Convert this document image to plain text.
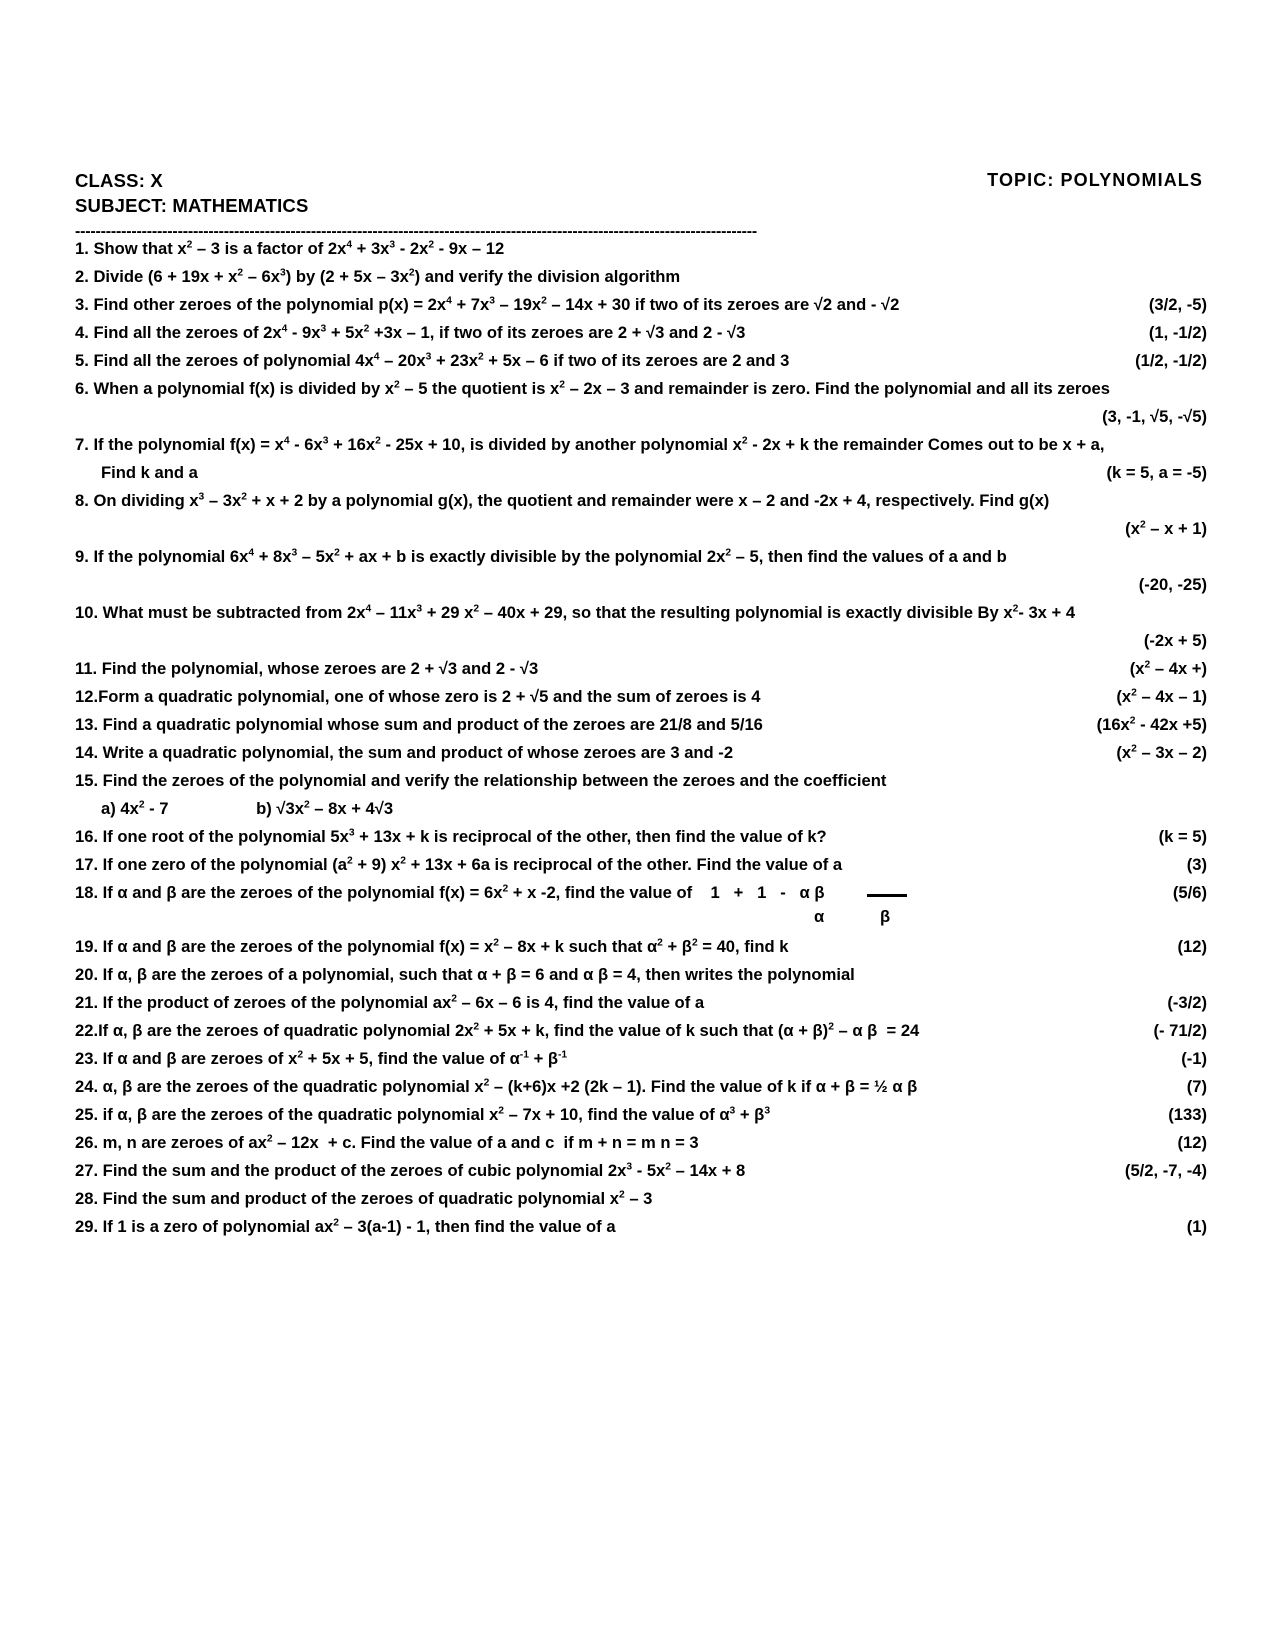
CLASS: X	TOPIC: POLYNOMIALS
SUBJECT: MATHEMATICS
-------------------------------------------------------------------------------------------------------------------------------------
1. Show that $x^2 - 3$ is a factor of $2x^4 + 3x^3 - 2x^2 - 9x - 12$
2. Divide $(6 + 19x + x^2 - 6x^3)$ by $(2 + 5x - 3x^2)$ and verify the division algorithm
3. Find other zeroes of the polynomial $p(x) = 2x^4 + 7x^3 - 19x^2 - 14x + 30$ if two of its zeroes are √2 and - √2	(3/2, -5)
4. Find all the zeroes of $2x^4 - 9x^3 + 5x^2 +3x - 1$, if two of its zeroes are 2 + √3 and 2 - √3	(1, -1/2)
5. Find all the zeroes of polynomial $4x^4 - 20x^3 + 23x^2 + 5x - 6$ if two of its zeroes are 2 and 3	(1/2, -1/2)
6. When a polynomial f(x) is divided by $x^2 - 5$ the quotient is $x^2 - 2x - 3$ and remainder is zero. Find the polynomial and all its zeroes
(3, -1, √5, -√5)
7. If the polynomial $f(x) = x^4 - 6x^3 + 16x^2 - 25x + 10$, is divided by another polynomial $x^2 - 2x + k$ the remainder Comes out to be x + a,
Find k and a	(k = 5, a = -5)
8. On dividing $x^3 - 3x^2 + x + 2$ by a polynomial g(x), the quotient and remainder were x – 2 and -2x + 4, respectively. Find g(x)
$(x^2 - x + 1)$
9. If the polynomial $6x^4 + 8x^3 - 5x^2$ + ax + b is exactly divisible by the polynomial $2x^2 - 5$, then find the values of a and b
(-20, -25)
10. What must be subtracted from $2x^4 - 11x^3 + 29$ $x^2 - 40x + 29$, so that the resulting polynomial is exactly divisible By $x^2-$ 3x + 4
(-2x + 5)
11. Find the polynomial, whose zeroes are 2 + √3 and 2 - √3	($x^2 - 4x$ +)
12.Form a quadratic polynomial, one of whose zero is 2 + √5 and the sum of zeroes is 4	$(x^2 - 4x - 1)$
13. Find a quadratic polynomial whose sum and product of the zeroes are 21/8 and 5/16	$(16x^2 - 42x +5)$
14. Write a quadratic polynomial, the sum and product of whose zeroes are 3 and -2	$(x^2 - 3x - 2)$
15. Find the zeroes of the polynomial and verify the relationship between the zeroes and the coefficient
a) $4x^2 - 7$                   b) $√3x^2 - 8x + 4√3$
16. If one root of the polynomial $5x^3 + 13x + k$ is reciprocal of the other, then find the value of k?	(k = 5)
17. If one zero of the polynomial $(a^2 + 9) x^2 + 13x + 6a$ is reciprocal of the other. Find the value of a	(3)
18. If α and β are the zeroes of the polynomial $f(x) = 6x^2 + x$ -2, find the value of    1   +   1   -   α β	(5/6)
α	β
19. If α and β are the zeroes of the polynomial $f(x) = x^2 - 8x + k$ such that $\alpha^2 + \beta^2 = 40$, find k	(12)
20. If α, β are the zeroes of a polynomial, such that α + β = 6 and α β = 4, then writes the polynomial
21. If the product of zeroes of the polynomial $ax^2 - 6x - 6$ is 4, find the value of a	(-3/2)
22.If α, β are the zeroes of quadratic polynomial $2x^2 + 5x + k$, find the value of k such that $(\alpha + \beta)^2 - \alpha$ β  = 24	(- 71/2)
23. If α and β are zeroes of $x^2 + 5x + 5$, find the value of $\alpha^{-1} + \beta^{-1}$	(-1)
24. α, β are the zeroes of the quadratic polynomial $x^2 - (k+6)x +2$ (2k – 1). Find the value of k if α + β = ½ α β	(7)
25. if α, β are the zeroes of the quadratic polynomial $x^2 - 7x + 10$, find the value of $\alpha^3 + \beta^3$	(133)
26. m, n are zeroes of $ax^2 - 12x + c$. Find the value of a and c  if m + n = m n = 3	(12)
27. Find the sum and the product of the zeroes of cubic polynomial $2x^3 - 5x^2 - 14x + 8$	(5/2, -7, -4)
28. Find the sum and product of the zeroes of quadratic polynomial $x^2 - 3$
29. If 1 is a zero of polynomial $ax^2 - 3(a-1) - 1$, then find the value of a	(1)
